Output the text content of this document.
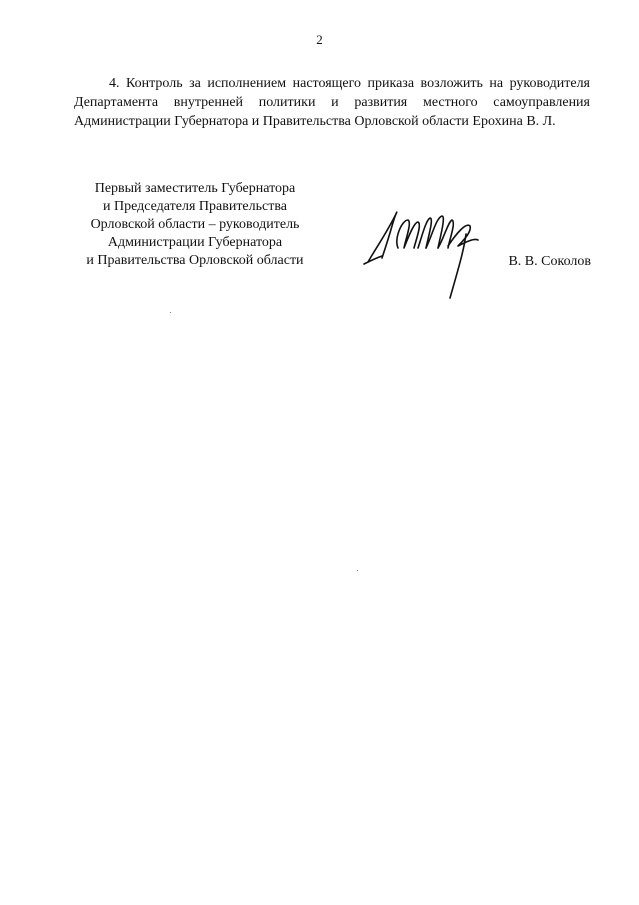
2

4. Контроль за исполнением настоящего приказа возложить на руководителя Департамента внутренней политики и развития местного самоуправления Администрации Губернатора и Правительства Орловской области Ерохина В. Л.

Первый заместитель Губернатора
и Председателя Правительства
Орловской области – руководитель
Администрации Губернатора
и Правительства Орловской области	В. В. Соколов
